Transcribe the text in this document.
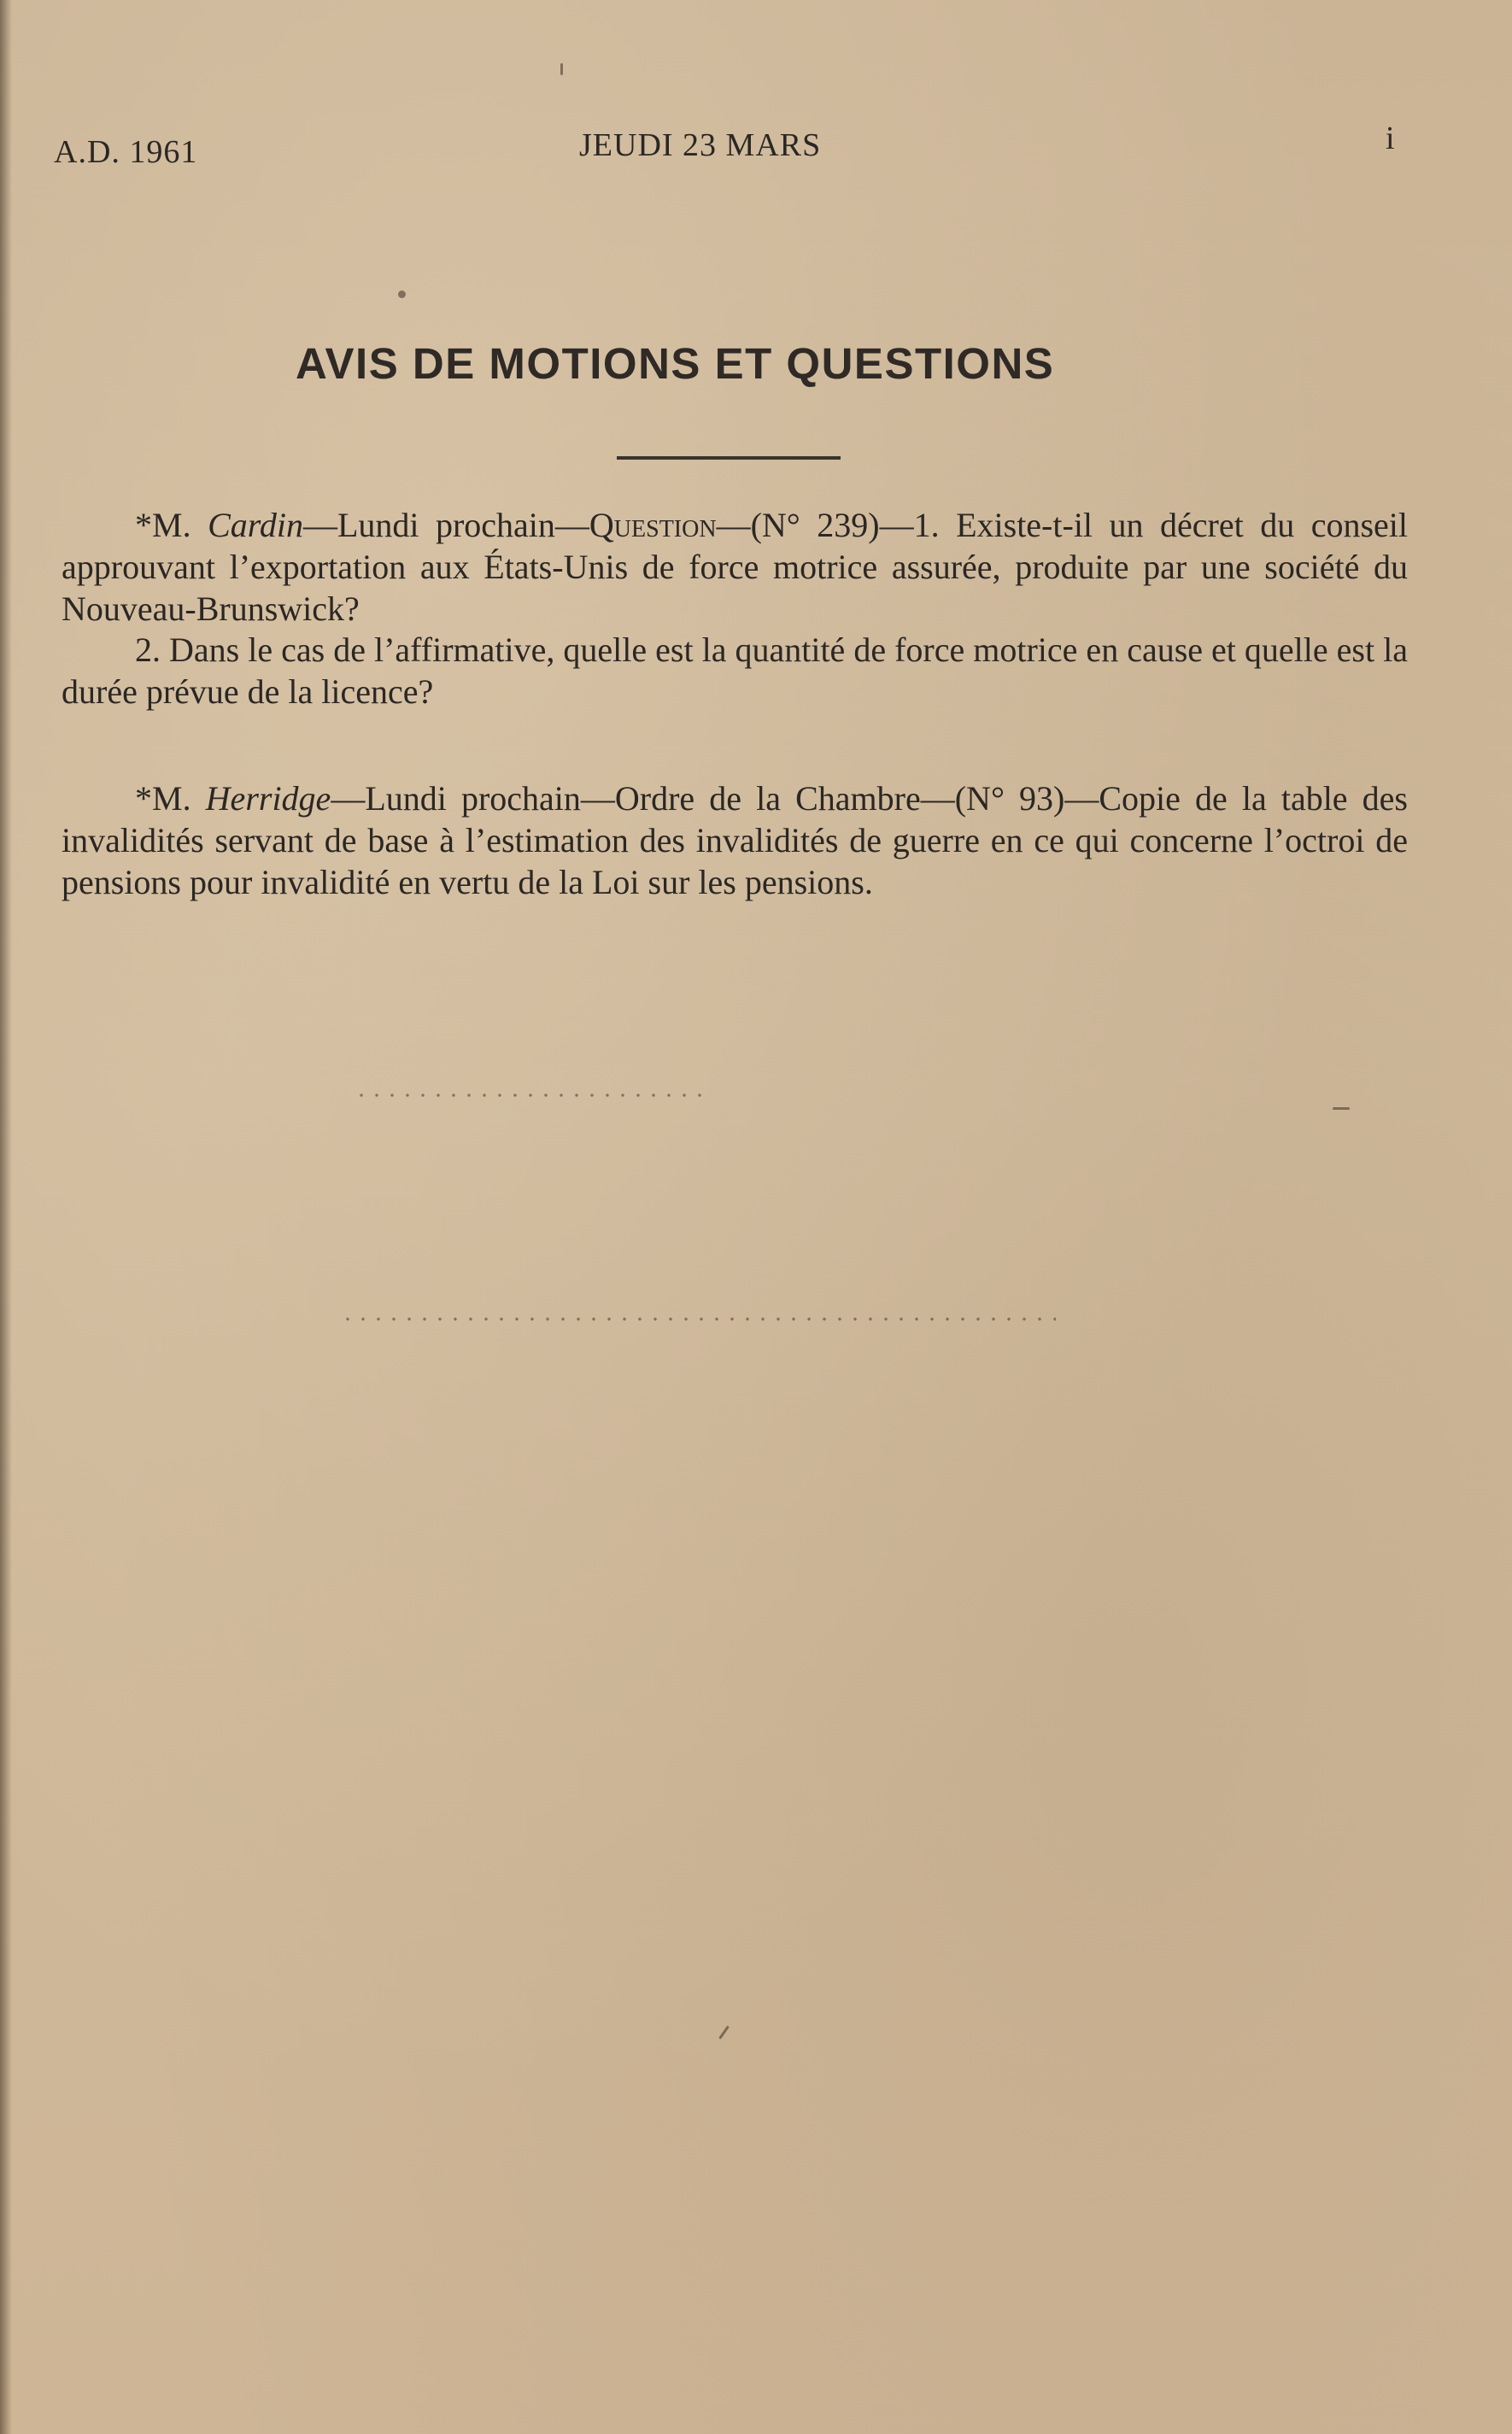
A.D. 1961	JEUDI 23 MARS	i
AVIS DE MOTIONS ET QUESTIONS
*M. Cardin—Lundi prochain—Question—(N° 239)—1. Existe-t-il un décret du conseil approuvant l’exportation aux États-Unis de force motrice assurée, produite par une société du Nouveau-Brunswick?
2. Dans le cas de l’affirmative, quelle est la quantité de force motrice en cause et quelle est la durée prévue de la licence?
*M. Herridge—Lundi prochain—Ordre de la Chambre—(N° 93)—Copie de la table des invalidités servant de base à l’estimation des invalidités de guerre en ce qui concerne l’octroi de pensions pour invalidité en vertu de la Loi sur les pensions.
